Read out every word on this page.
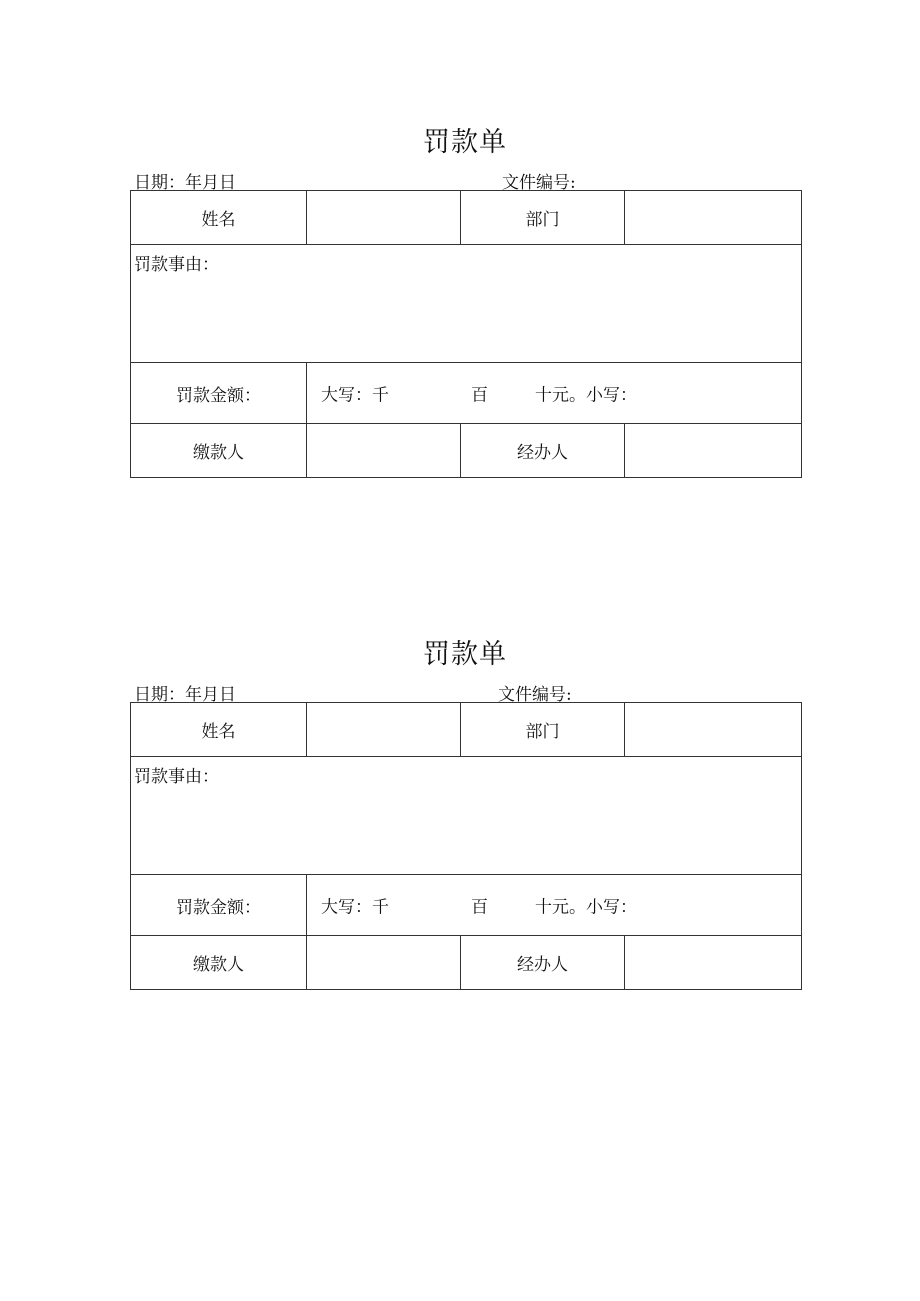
罚款单
日期：年月日	文件编号:
姓名		部门	

罚款事由：			

罚款金额：	大写：千 百 十元。小写：		

缴款人		经办人	
罚款单
日期：年月日	文件编号:
姓名		部门	

罚款事由：			

罚款金额：	大写：千 百 十元。小写：		

缴款人		经办人	
